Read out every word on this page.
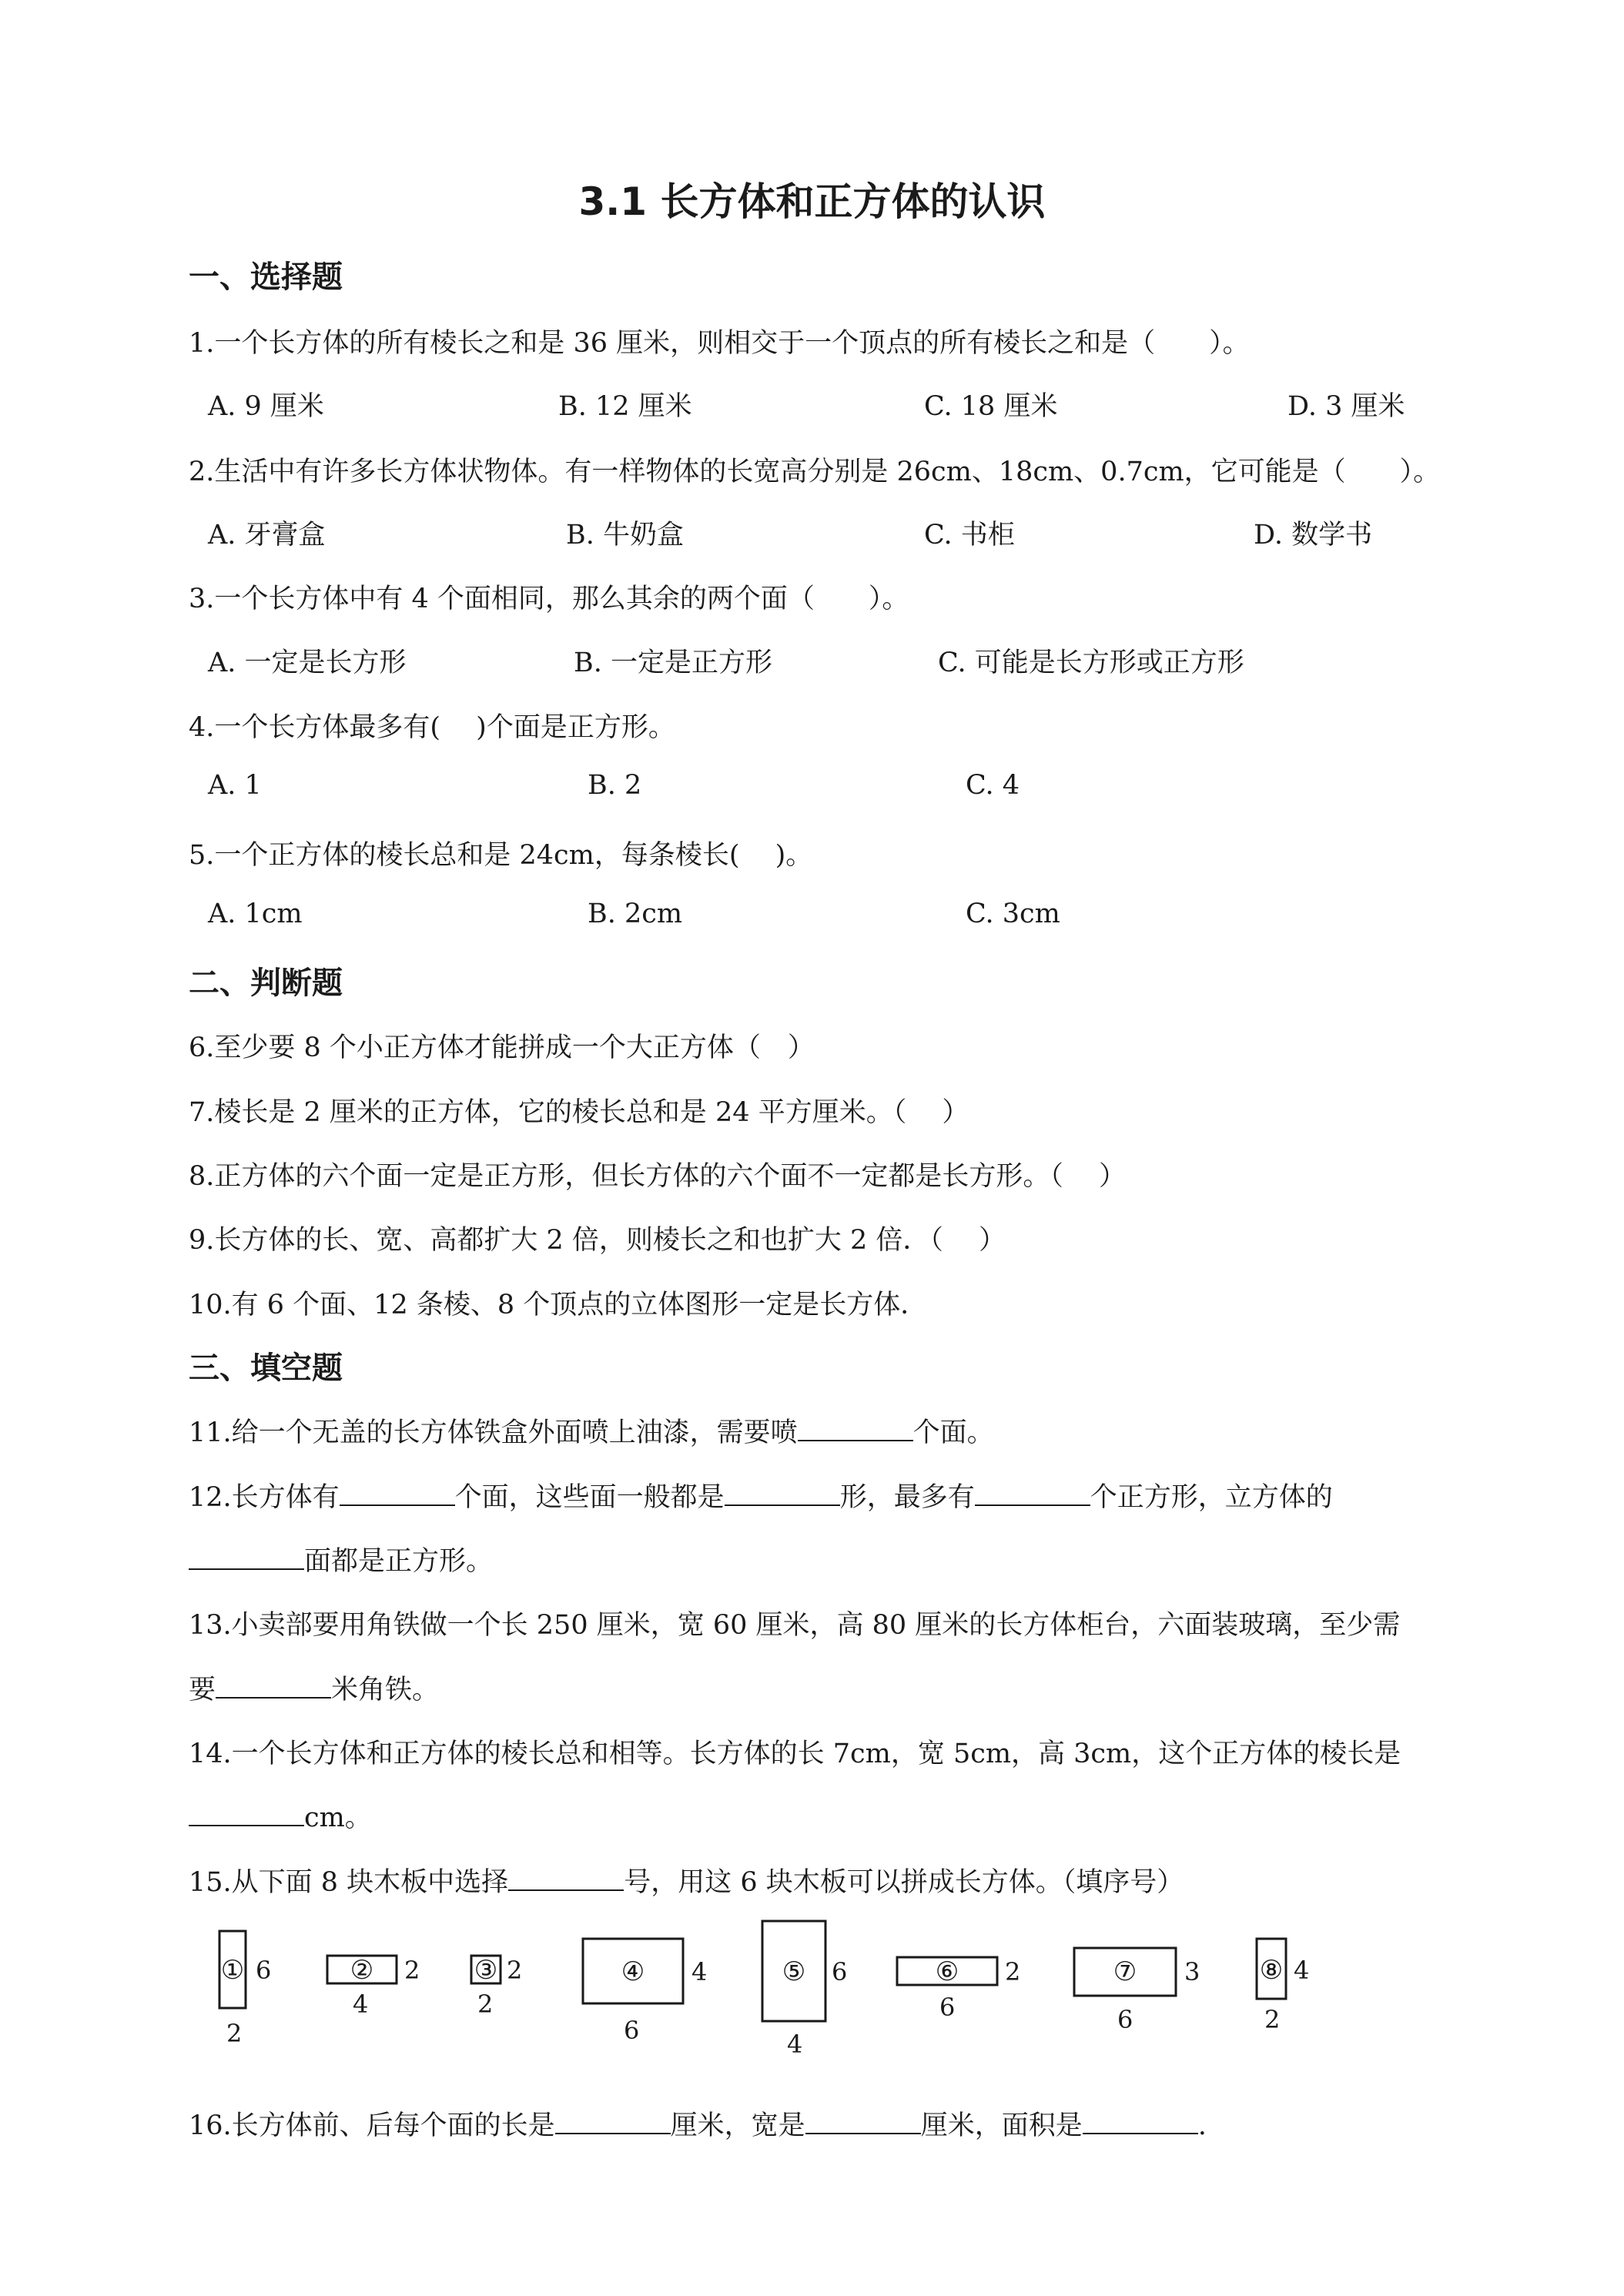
3.1 长方体和正方体的认识
一、选择题
1.一个长方体的所有棱长之和是 36 厘米，则相交于一个顶点的所有棱长之和是（　　）。
A. 9 厘米	B. 12 厘米	C. 18 厘米	D. 3 厘米
2.生活中有许多长方体状物体。有一样物体的长宽高分别是 26cm、18cm、0.7cm，它可能是（　　）。
A. 牙膏盒	B. 牛奶盒	C. 书柜	D. 数学书
3.一个长方体中有 4 个面相同，那么其余的两个面（　　）。
A. 一定是长方形	B. 一定是正方形	C. 可能是长方形或正方形
4.一个长方体最多有(　 )个面是正方形。
A. 1	B. 2	C. 4
5.一个正方体的棱长总和是 24cm，每条棱长(　 )。
A. 1cm	B. 2cm	C. 3cm
二、判断题
6.至少要 8 个小正方体才能拼成一个大正方体（　）
7.棱长是 2 厘米的正方体，它的棱长总和是 24 平方厘米。（　 ）
8.正方体的六个面一定是正方形，但长方体的六个面不一定都是长方形。（　 ）
9.长方体的长、宽、高都扩大 2 倍，则棱长之和也扩大 2 倍．（　 ）
10.有 6 个面、12 条棱、8 个顶点的立体图形一定是长方体．
三、填空题
11.给一个无盖的长方体铁盒外面喷上油漆，需要喷	个面。
12.长方体有	个面，这些面一般都是	形，最多有	个正方形，立方体的
面都是正方形。
13.小卖部要用角铁做一个长 250 厘米，宽 60 厘米，高 80 厘米的长方体柜台，六面装玻璃，至少需
要	米角铁。
14.一个长方体和正方体的棱长总和相等。长方体的长 7cm，宽 5cm，高 3cm，这个正方体的棱长是
cm。
15.从下面 8 块木板中选择	号，用这 6 块木板可以拼成长方体。（填序号）
① 6
2
② 2
4
③ 2
2
④ 4
6
⑤ 6
4
⑥ 2
6
⑦ 3
6
⑧ 4
2
16.长方体前、后每个面的长是	厘米，宽是	厘米，面积是	.
